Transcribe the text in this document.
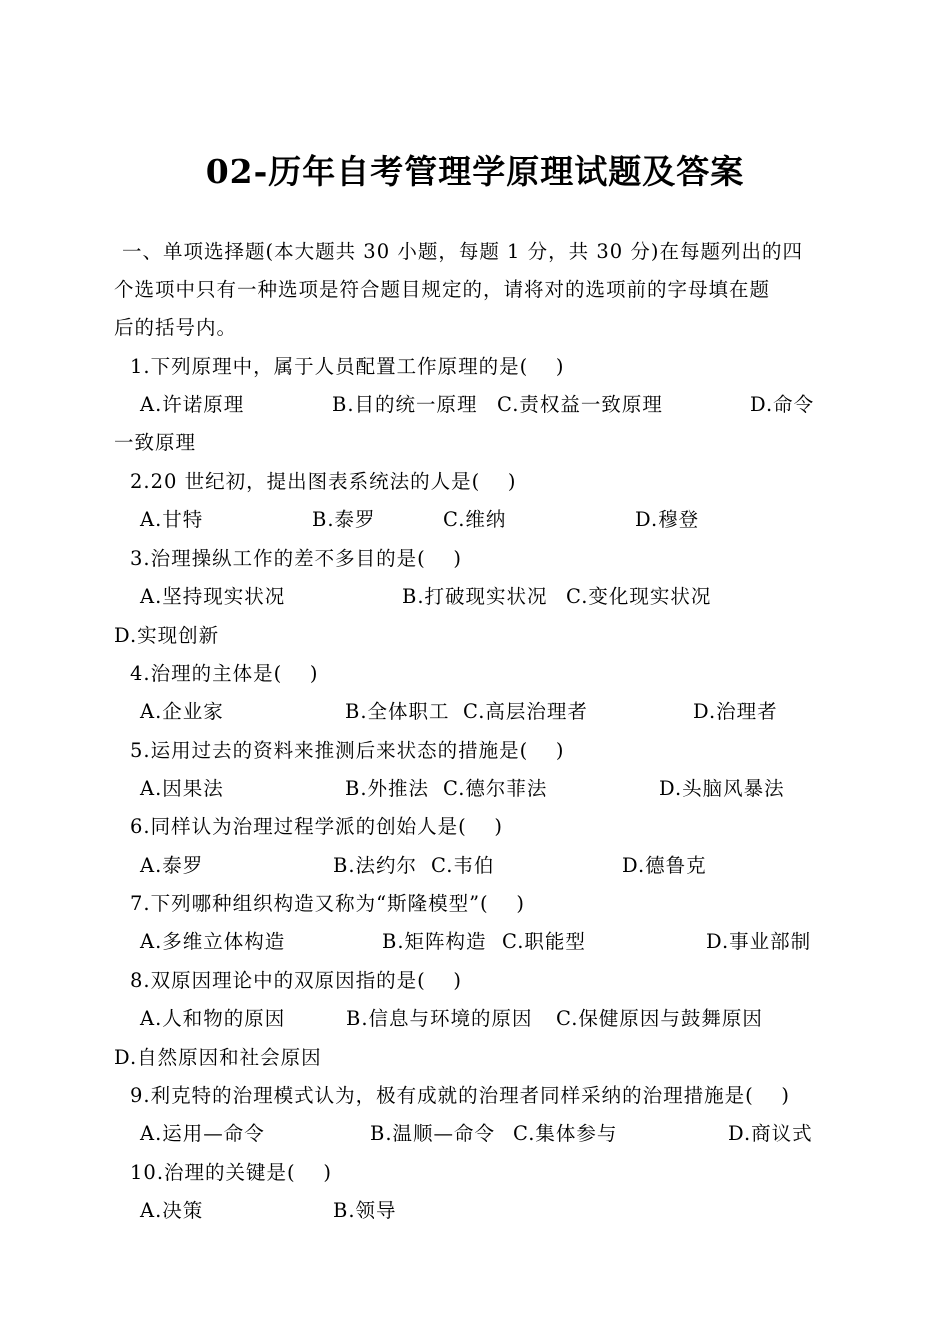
02-历年自考管理学原理试题及答案
一、单项选择题(本大题共 30 小题，每题 1 分，共 30 分)在每题列出的四
个选项中只有一种选项是符合题目规定的，请将对的选项前的字母填在题
后的括号内。
1.下列原理中，属于人员配置工作原理的是(　 )
A.许诺原理	B.目的统一原理 C.责权益一致原理	D.命令
一致原理
2.20 世纪初，提出图表系统法的人是(　 )
A.甘特	B.泰罗	C.维纳	D.穆登
3.治理操纵工作的差不多目的是(　 )
A.坚持现实状况	B.打破现实状况 C.变化现实状况
D.实现创新
4.治理的主体是(　 )
A.企业家	B.全体职工 C.高层治理者	D.治理者
5.运用过去的资料来推测后来状态的措施是(　 )
A.因果法	B.外推法 C.德尔菲法	D.头脑风暴法
6.同样认为治理过程学派的创始人是(　 )
A.泰罗	B.法约尔 C.韦伯	D.德鲁克
7.下列哪种组织构造又称为“斯隆模型”(　 )
A.多维立体构造	B.矩阵构造 C.职能型	D.事业部制
8.双原因理论中的双原因指的是(　 )
A.人和物的原因	B.信息与环境的原因 C.保健原因与鼓舞原因
D.自然原因和社会原因
9.利克特的治理模式认为，极有成就的治理者同样采纳的治理措施是(　 )
A.运用—命令	B.温顺—命令 C.集体参与	D.商议式
10.治理的关键是(　 )
A.决策	B.领导
